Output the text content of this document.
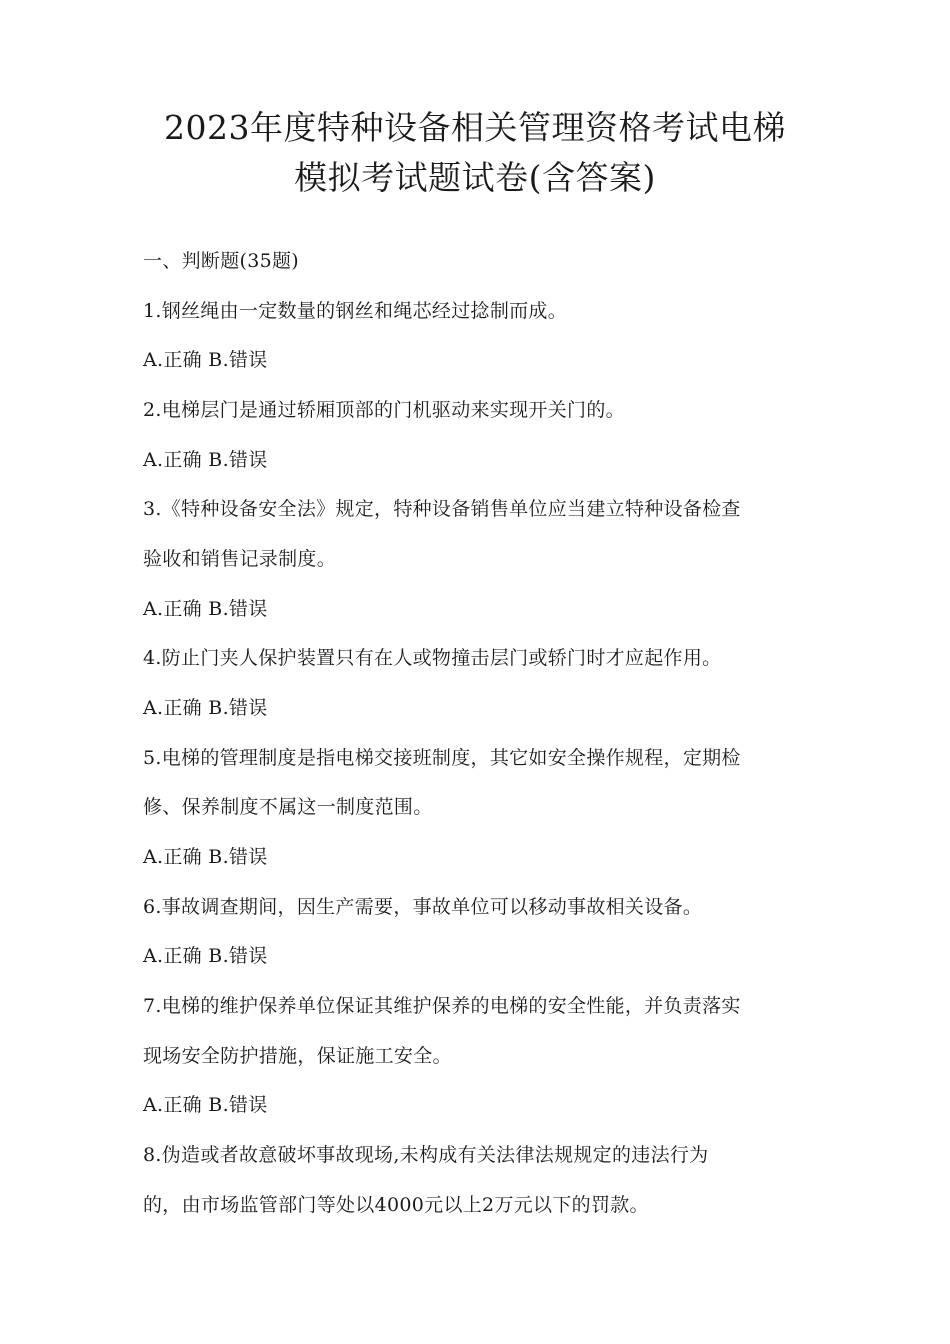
2023年度特种设备相关管理资格考试电梯
模拟考试题试卷(含答案)
一、判断题(35题)
1.钢丝绳由一定数量的钢丝和绳芯经过捻制而成。
A.正确 B.错误
2.电梯层门是通过轿厢顶部的门机驱动来实现开关门的。
A.正确 B.错误
3.《特种设备安全法》规定，特种设备销售单位应当建立特种设备检查
验收和销售记录制度。
A.正确 B.错误
4.防止门夹人保护装置只有在人或物撞击层门或轿门时才应起作用。
A.正确 B.错误
5.电梯的管理制度是指电梯交接班制度，其它如安全操作规程，定期检
修、保养制度不属这一制度范围。
A.正确 B.错误
6.事故调查期间，因生产需要，事故单位可以移动事故相关设备。
A.正确 B.错误
7.电梯的维护保养单位保证其维护保养的电梯的安全性能，并负责落实
现场安全防护措施，保证施工安全。
A.正确 B.错误
8.伪造或者故意破坏事故现场,未构成有关法律法规规定的违法行为
的，由市场监管部门等处以4000元以上2万元以下的罚款。
